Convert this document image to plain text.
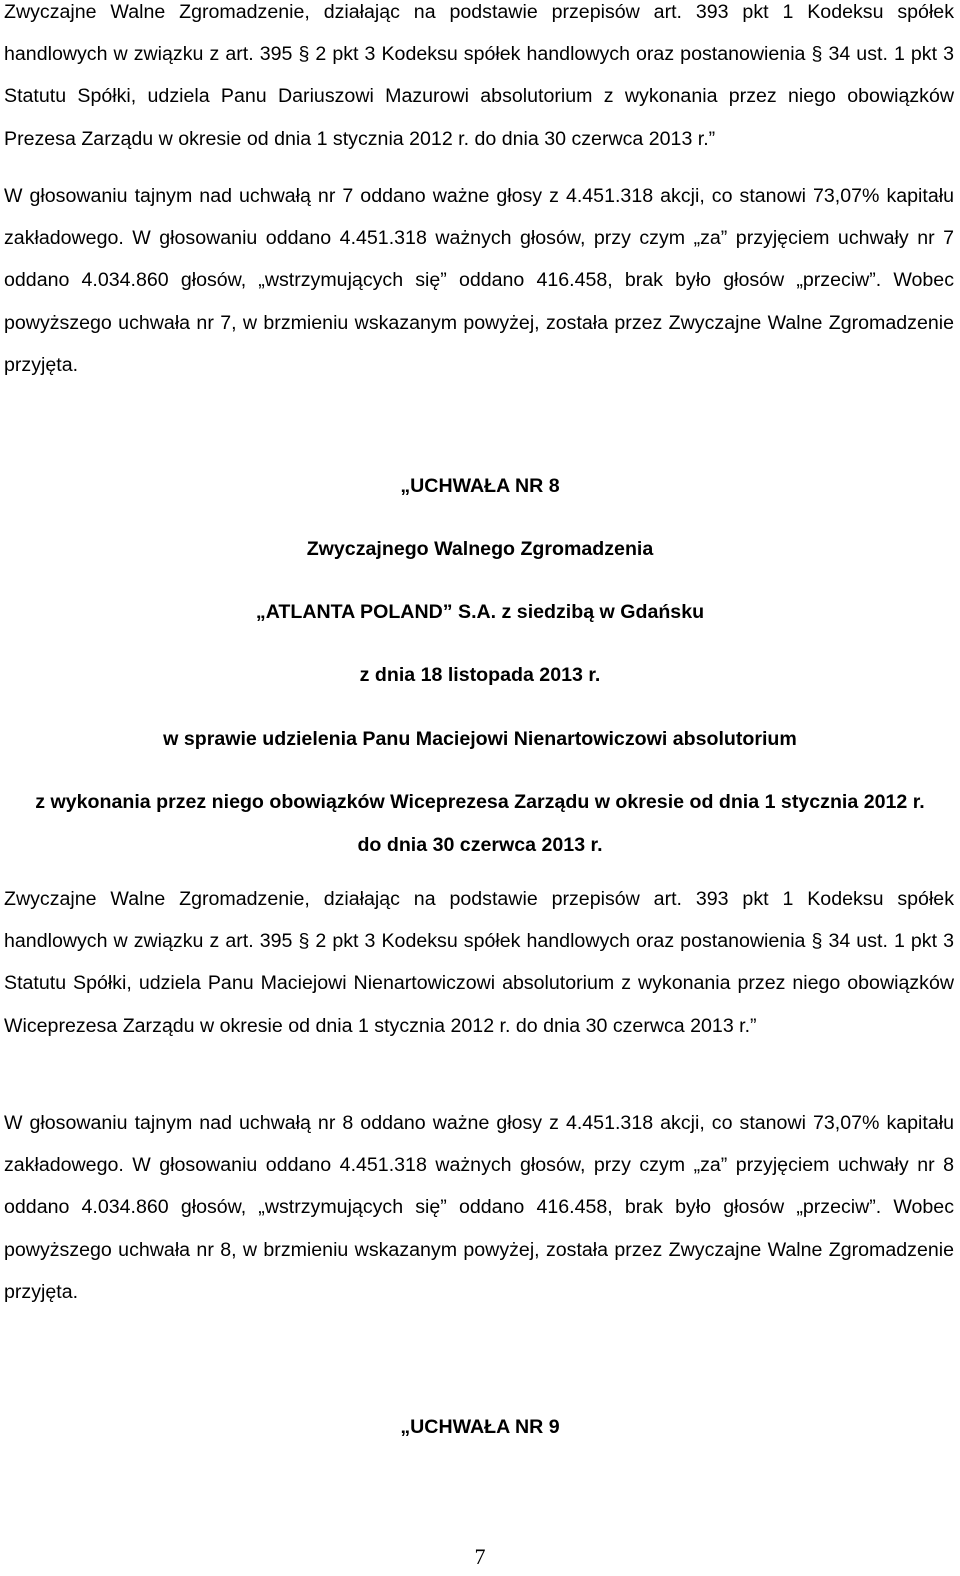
Zwyczajne Walne Zgromadzenie, działając na podstawie przepisów art. 393 pkt 1 Kodeksu spółek handlowych w związku z art. 395 § 2 pkt 3 Kodeksu spółek handlowych oraz postanowienia § 34 ust. 1 pkt 3 Statutu Spółki, udziela Panu Dariuszowi Mazurowi absolutorium z wykonania przez niego obowiązków Prezesa Zarządu w okresie od dnia 1 stycznia 2012 r. do dnia 30 czerwca 2013 r.”

W głosowaniu tajnym nad uchwałą nr 7 oddano ważne głosy z 4.451.318 akcji, co stanowi 73,07% kapitału zakładowego. W głosowaniu oddano 4.451.318 ważnych głosów, przy czym „za” przyjęciem uchwały nr 7 oddano 4.034.860 głosów, „wstrzymujących się” oddano 416.458, brak było głosów „przeciw”. Wobec powyższego uchwała nr 7, w brzmieniu wskazanym powyżej, została przez Zwyczajne Walne Zgromadzenie przyjęta.

„UCHWAŁA NR 8

Zwyczajnego Walnego Zgromadzenia

„ATLANTA POLAND” S.A. z siedzibą w Gdańsku

z dnia 18 listopada 2013 r.

w sprawie udzielenia Panu Maciejowi Nienartowiczowi absolutorium

z wykonania przez niego obowiązków Wiceprezesa Zarządu w okresie od dnia 1 stycznia 2012 r.

do dnia 30 czerwca 2013 r.

Zwyczajne Walne Zgromadzenie, działając na podstawie przepisów art. 393 pkt 1 Kodeksu spółek handlowych w związku z art. 395 § 2 pkt 3 Kodeksu spółek handlowych oraz postanowienia § 34 ust. 1 pkt 3 Statutu Spółki, udziela Panu Maciejowi Nienartowiczowi absolutorium z wykonania przez niego obowiązków Wiceprezesa Zarządu w okresie od dnia 1 stycznia 2012 r. do dnia 30 czerwca 2013 r.”

W głosowaniu tajnym nad uchwałą nr 8 oddano ważne głosy z 4.451.318 akcji, co stanowi 73,07% kapitału zakładowego. W głosowaniu oddano 4.451.318 ważnych głosów, przy czym „za” przyjęciem uchwały nr 8 oddano 4.034.860 głosów, „wstrzymujących się” oddano 416.458, brak było głosów „przeciw”. Wobec powyższego uchwała nr 8, w brzmieniu wskazanym powyżej, została przez Zwyczajne Walne Zgromadzenie przyjęta.

„UCHWAŁA NR 9

7
